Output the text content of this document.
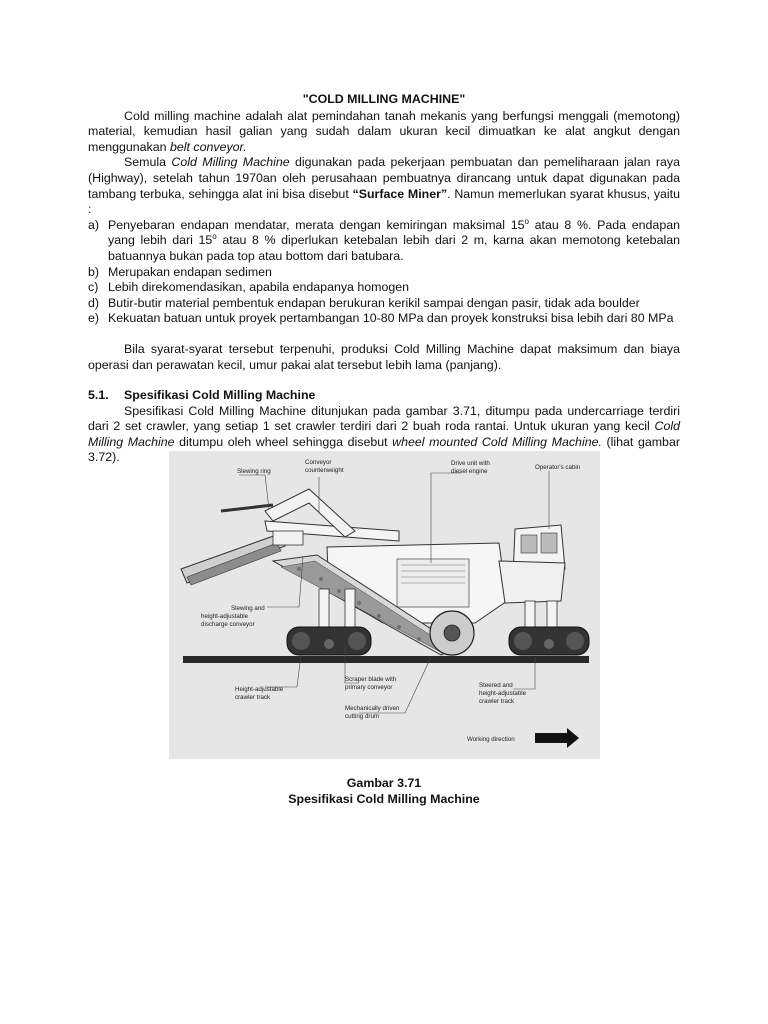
"COLD MILLING MACHINE"

Cold milling machine adalah alat pemindahan tanah mekanis yang berfungsi menggali (memotong) material, kemudian hasil galian yang sudah dalam ukuran kecil dimuatkan ke alat angkut dengan menggunakan belt conveyor.

Semula Cold Milling Machine digunakan pada pekerjaan pembuatan dan pemeliharaan jalan raya (Highway), setelah tahun 1970an oleh perusahaan pembuatnya dirancang untuk dapat digunakan pada tambang terbuka, sehingga alat ini bisa disebut “Surface Miner”. Namun memerlukan syarat khusus, yaitu :

a) Penyebaran endapan mendatar, merata dengan kemiringan maksimal 15$^o$ atau 8 %. Pada endapan yang lebih dari 15$^o$ atau 8 % diperlukan ketebalan lebih dari 2 m, karna akan memotong ketebalan batuannya bukan pada top atau bottom dari batubara.
b) Merupakan endapan sedimen
c) Lebih direkomendasikan, apabila endapanya homogen
d) Butir-butir material pembentuk endapan berukuran kerikil sampai dengan pasir, tidak ada boulder
e) Kekuatan batuan untuk proyek pertambangan 10-80 MPa dan proyek konstruksi bisa lebih dari 80 MPa

Bila syarat-syarat tersebut terpenuhi, produksi Cold Milling Machine dapat maksimum dan biaya operasi dan perawatan kecil, umur pakai alat tersebut lebih lama (panjang).

5.1. Spesifikasi Cold Milling Machine

Spesifikasi Cold Milling Machine ditunjukan pada gambar 3.71, ditumpu pada undercarriage terdiri dari 2 set crawler, yang setiap 1 set crawler terdiri dari 2 buah roda rantai. Untuk ukuran yang kecil Cold Milling Machine ditumpu oleh wheel sehingga disebut wheel mounted Cold Milling Machine. (lihat gambar 3.72).

Slewing ring
Conveyor
counterweight
Drive unit with
diesel engine
Operator's cabin
Slewing and
height-adjustable
discharge conveyor
Height-adjustable
crawler track
Scraper blade with
primary conveyor
Mechanically driven
cutting drum
Steered and
height-adjustable
crawler track
Working direction
Gambar 3.71
Spesifikasi Cold Milling Machine
